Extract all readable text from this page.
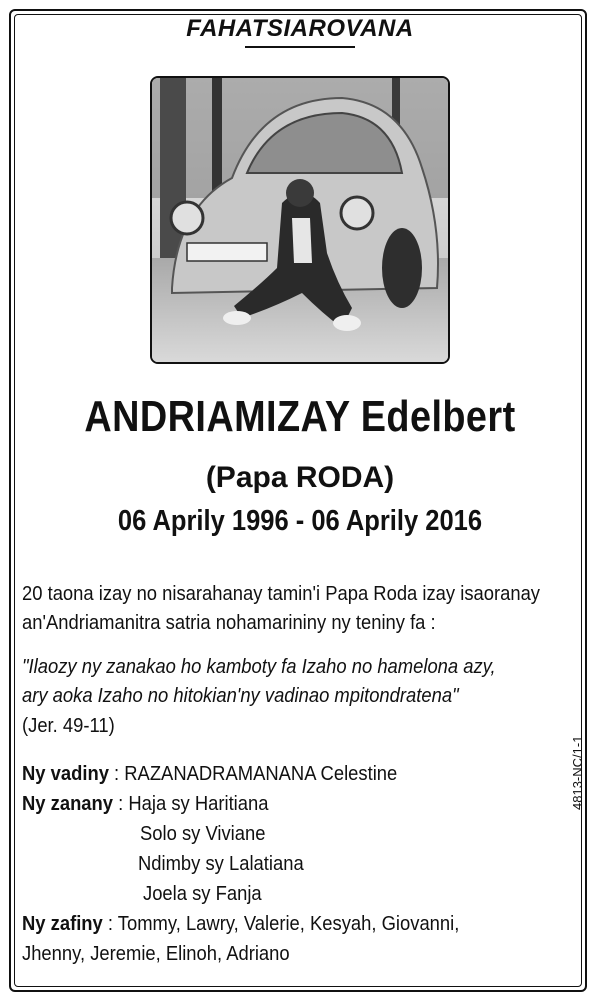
FAHATSIAROVANA
ANDRIAMIZAY Edelbert
(Papa RODA)
06 Aprily 1996 - 06 Aprily 2016
20 taona izay no nisarahanay tamin'i Papa Roda izay isaoranay
an'Andriamanitra satria nohamarininy ny teniny fa :
"Ilaozy ny zanakao ho kamboty fa Izaho no hamelona azy,
ary aoka Izaho no hitokian'ny vadinao mpitondratena"
(Jer. 49-11)
Ny vadiny : RAZANADRAMANANA Celestine
Ny zanany : Haja sy Haritiana
Solo sy Viviane
Ndimby sy Lalatiana
Joela sy Fanja
Ny zafiny : Tommy, Lawry, Valerie, Kesyah, Giovanni,
Jhenny, Jeremie, Elinoh, Adriano
4813-NC/1-1
